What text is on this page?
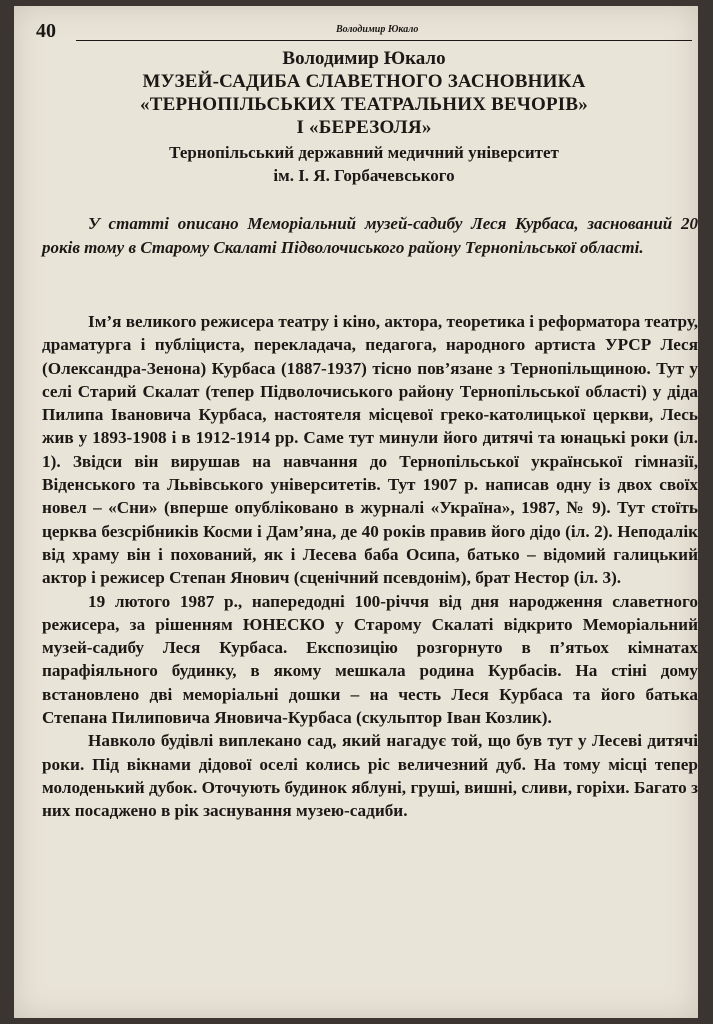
40	Володимир Юкало
Володимир Юкало
МУЗЕЙ-САДИБА СЛАВЕТНОГО ЗАСНОВНИКА
«ТЕРНОПІЛЬСЬКИХ ТЕАТРАЛЬНИХ ВЕЧОРІВ»
І «БЕРЕЗОЛЯ»
Тернопільський державний медичний університет
ім. І. Я. Горбачевського
У статті описано Меморіальний музей-садибу Леся Курбаса, заснований 20 років тому в Старому Скалаті Підволочиського району Тернопільської області.

Ім’я великого режисера театру і кіно, актора, теоретика і реформатора театру, драматурга і публіциста, перекладача, педагога, народного артиста УРСР Леся (Олександра-Зенона) Курбаса (1887-1937) тісно пов’язане з Тернопільщиною. Тут у селі Старий Скалат (тепер Підволочиського району Тернопільської області) у діда Пилипа Івановича Курбаса, настоятеля місцевої греко-католицької церкви, Лесь жив у 1893-1908 і в 1912-1914 рр. Саме тут минули його дитячі та юнацькі роки (іл. 1). Звідси він вирушав на навчання до Тернопільської української гімназії, Віденського та Львівського університетів. Тут 1907 р. написав одну із двох своїх новел – «Сни» (вперше опубліковано в журналі «Україна», 1987, № 9). Тут стоїть церква безсрібників Косми і Дам’яна, де 40 років правив його дідо (іл. 2). Неподалік від храму він і похований, як і Лесева баба Осипа, батько – відомий галицький актор і режисер Степан Янович (сценічний псевдонім), брат Нестор (іл. 3).

19 лютого 1987 р., напередодні 100-річчя від дня народження славетного режисера, за рішенням ЮНЕСКО у Старому Скалаті відкрито Меморіальний музей-садибу Леся Курбаса. Експозицію розгорнуто в п’ятьох кімнатах парафіяльного будинку, в якому мешкала родина Курбасів. На стіні дому встановлено дві меморіальні дошки – на честь Леся Курбаса та його батька Степана Пилиповича Яновича-Курбаса (скульптор Іван Козлик).

Навколо будівлі виплекано сад, який нагадує той, що був тут у Лесеві дитячі роки. Під вікнами дідової оселі колись ріс величезний дуб. На тому місці тепер молоденький дубок. Оточують будинок яблуні, груші, вишні, сливи, горіхи. Багато з них посаджено в рік заснування музею-садиби.
